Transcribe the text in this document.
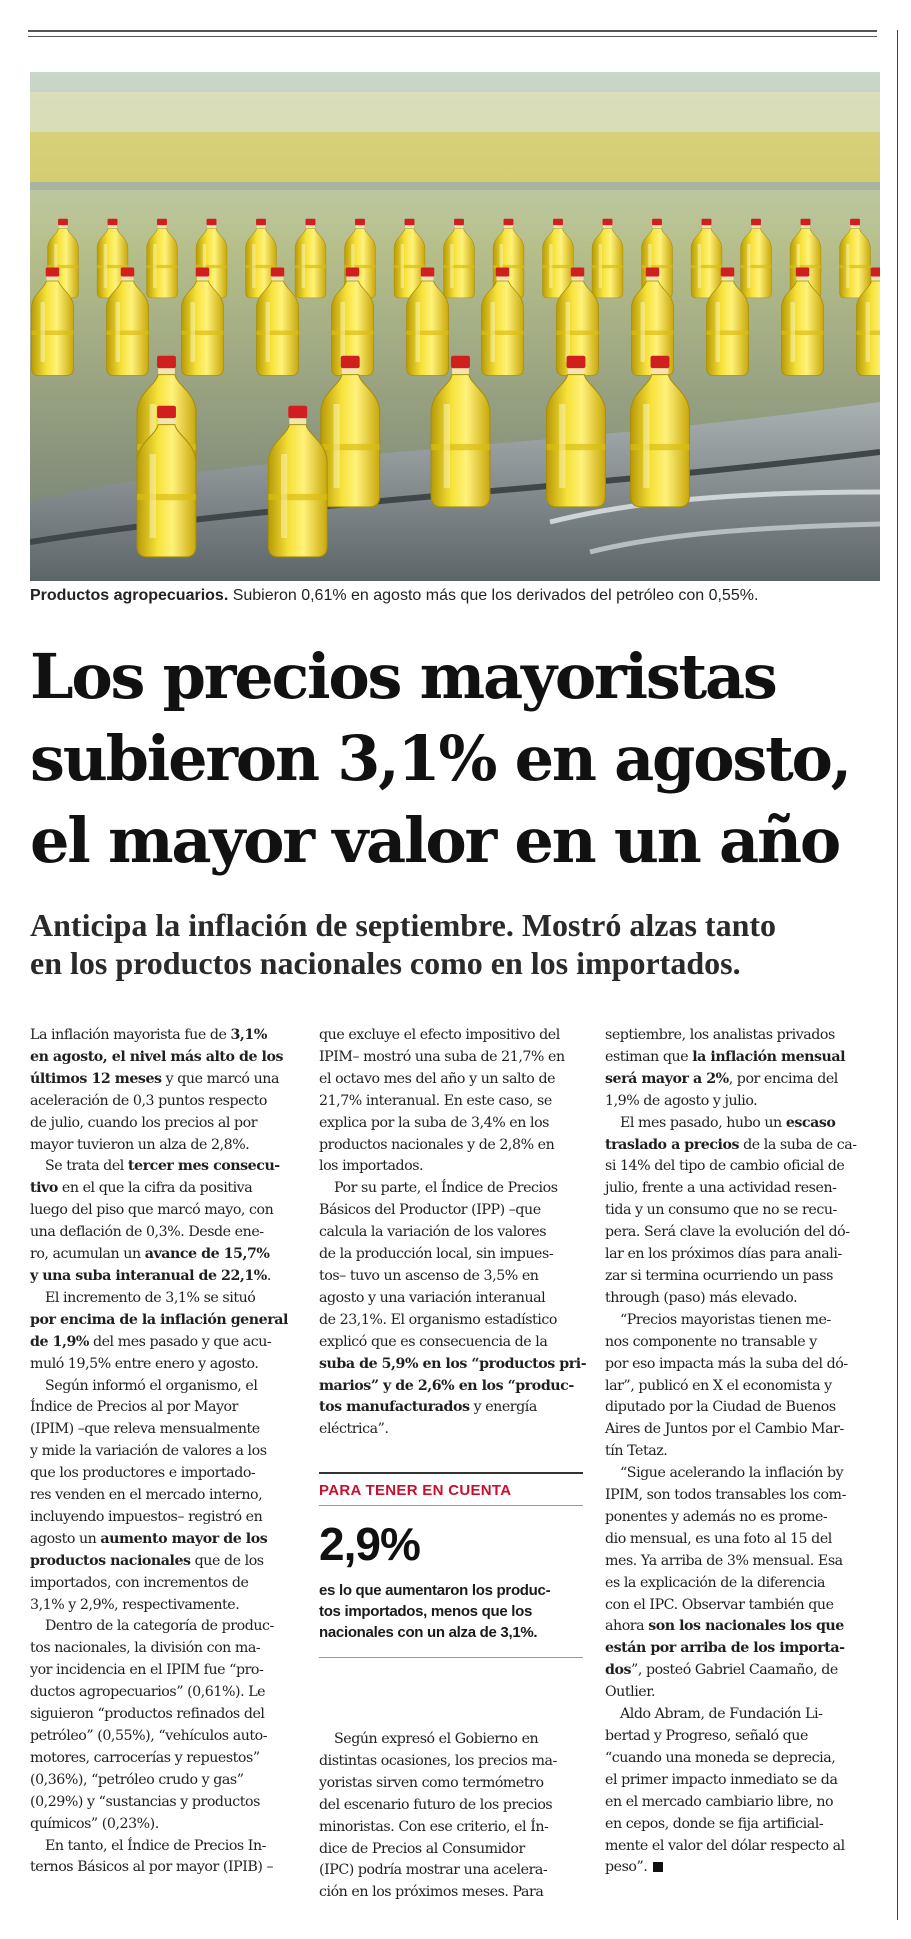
Productos agropecuarios. Subieron 0,61% en agosto más que los derivados del petróleo con 0,55%.
Los precios mayoristas
subieron 3,1% en agosto,
el mayor valor en un año
Anticipa la inflación de septiembre. Mostró alzas tanto
en los productos nacionales como en los importados.
La inflación mayorista fue de 3,1%
en agosto, el nivel más alto de los
últimos 12 meses y que marcó una
aceleración de 0,3 puntos respecto
de julio, cuando los precios al por
mayor tuvieron un alza de 2,8%.
Se trata del tercer mes consecu-
tivo en el que la cifra da positiva
luego del piso que marcó mayo, con
una deflación de 0,3%. Desde ene-
ro, acumulan un avance de 15,7%
y una suba interanual de 22,1%.
El incremento de 3,1% se situó
por encima de la inflación general
de 1,9% del mes pasado y que acu-
muló 19,5% entre enero y agosto.
Según informó el organismo, el
Índice de Precios al por Mayor
(IPIM) –que releva mensualmente
y mide la variación de valores a los
que los productores e importado-
res venden en el mercado interno,
incluyendo impuestos– registró en
agosto un aumento mayor de los
productos nacionales que de los
importados, con incrementos de
3,1% y 2,9%, respectivamente.
Dentro de la categoría de produc-
tos nacionales, la división con ma-
yor incidencia en el IPIM fue “pro-
ductos agropecuarios” (0,61%). Le
siguieron “productos refinados del
petróleo” (0,55%), “vehículos auto-
motores, carrocerías y repuestos”
(0,36%), “petróleo crudo y gas”
(0,29%) y “sustancias y productos
químicos” (0,23%).
En tanto, el Índice de Precios In-
ternos Básicos al por mayor (IPIB) –
que excluye el efecto impositivo del
IPIM– mostró una suba de 21,7% en
el octavo mes del año y un salto de
21,7% interanual. En este caso, se
explica por la suba de 3,4% en los
productos nacionales y de 2,8% en
los importados.
Por su parte, el Índice de Precios
Básicos del Productor (IPP) –que
calcula la variación de los valores
de la producción local, sin impues-
tos– tuvo un ascenso de 3,5% en
agosto y una variación interanual
de 23,1%. El organismo estadístico
explicó que es consecuencia de la
suba de 5,9% en los “productos pri-
marios” y de 2,6% en los “produc-
tos manufacturados y energía
eléctrica”.
Según expresó el Gobierno en
distintas ocasiones, los precios ma-
yoristas sirven como termómetro
del escenario futuro de los precios
minoristas. Con ese criterio, el Ín-
dice de Precios al Consumidor
(IPC) podría mostrar una acelera-
ción en los próximos meses. Para
septiembre, los analistas privados
estiman que la inflación mensual
será mayor a 2%, por encima del
1,9% de agosto y julio.
El mes pasado, hubo un escaso
traslado a precios de la suba de ca-
si 14% del tipo de cambio oficial de
julio, frente a una actividad resen-
tida y un consumo que no se recu-
pera. Será clave la evolución del dó-
lar en los próximos días para anali-
zar si termina ocurriendo un pass
through (paso) más elevado.
“Precios mayoristas tienen me-
nos componente no transable y
por eso impacta más la suba del dó-
lar”, publicó en X el economista y
diputado por la Ciudad de Buenos
Aires de Juntos por el Cambio Mar-
tín Tetaz.
“Sigue acelerando la inflación by
IPIM, son todos transables los com-
ponentes y además no es prome-
dio mensual, es una foto al 15 del
mes. Ya arriba de 3% mensual. Esa
es la explicación de la diferencia
con el IPC. Observar también que
ahora son los nacionales los que
están por arriba de los importa-
dos”, posteó Gabriel Caamaño, de
Outlier.
Aldo Abram, de Fundación Li-
bertad y Progreso, señaló que
“cuando una moneda se deprecia,
el primer impacto inmediato se da
en el mercado cambiario libre, no
en cepos, donde se fija artificial-
mente el valor del dólar respecto al
peso”.
PARA TENER EN CUENTA
2,9%
es lo que aumentaron los produc-
tos importados, menos que los
nacionales con un alza de 3,1%.
